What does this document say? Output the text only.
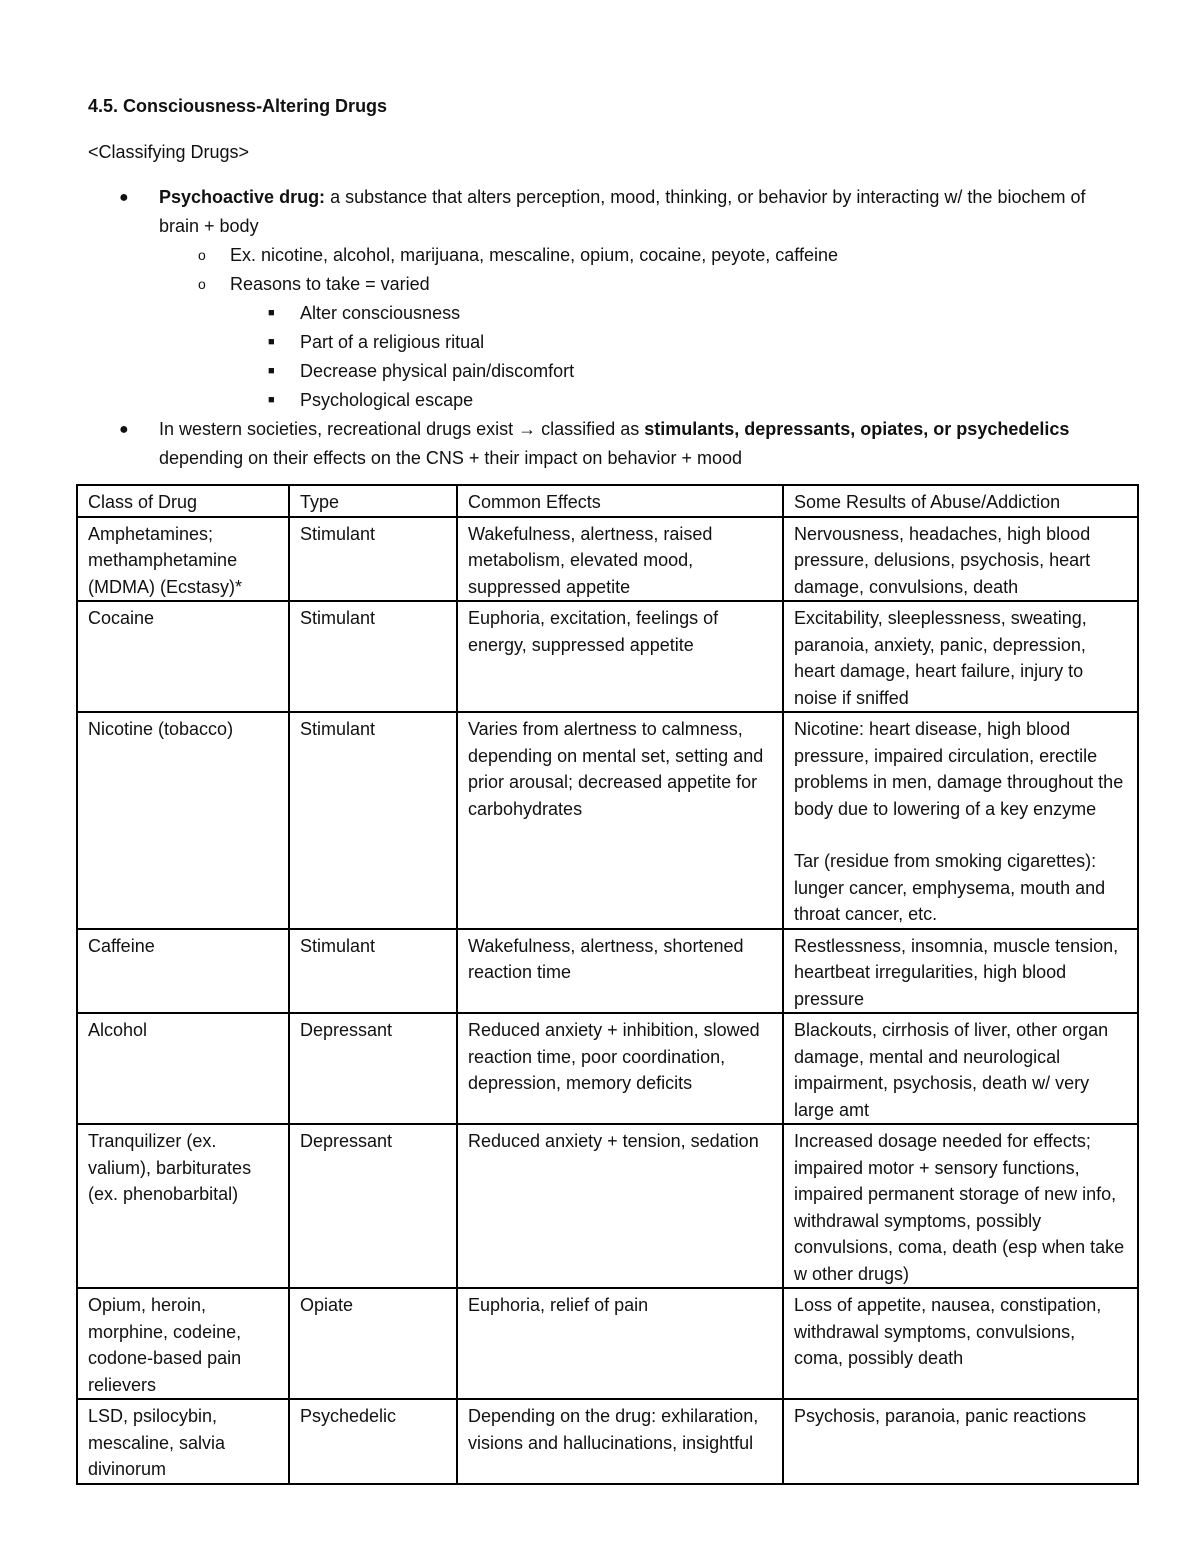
4.5. Consciousness-Altering Drugs
<Classifying Drugs>
● Psychoactive drug: a substance that alters perception, mood, thinking, or behavior by interacting w/ the biochem of brain + body
o Ex. nicotine, alcohol, marijuana, mescaline, opium, cocaine, peyote, caffeine
o Reasons to take = varied
■ Alter consciousness
■ Part of a religious ritual
■ Decrease physical pain/discomfort
■ Psychological escape
● In western societies, recreational drugs exist → classified as stimulants, depressants, opiates, or psychedelics depending on their effects on the CNS + their impact on behavior + mood
Class of Drug	Type	Common Effects	Some Results of Abuse/Addiction
Amphetamines; methamphetamine (MDMA) (Ecstasy)*	Stimulant	Wakefulness, alertness, raised metabolism, elevated mood, suppressed appetite	Nervousness, headaches, high blood pressure, delusions, psychosis, heart damage, convulsions, death
Cocaine	Stimulant	Euphoria, excitation, feelings of energy, suppressed appetite	Excitability, sleeplessness, sweating, paranoia, anxiety, panic, depression, heart damage, heart failure, injury to noise if sniffed
Nicotine (tobacco)	Stimulant	Varies from alertness to calmness, depending on mental set, setting and prior arousal; decreased appetite for carbohydrates	Nicotine: heart disease, high blood pressure, impaired circulation, erectile problems in men, damage throughout the body due to lowering of a key enzyme
Tar (residue from smoking cigarettes): lunger cancer, emphysema, mouth and throat cancer, etc.

Caffeine	Stimulant	Wakefulness, alertness, shortened reaction time	Restlessness, insomnia, muscle tension, heartbeat irregularities, high blood pressure
Alcohol	Depressant	Reduced anxiety + inhibition, slowed reaction time, poor coordination, depression, memory deficits	Blackouts, cirrhosis of liver, other organ damage, mental and neurological impairment, psychosis, death w/ very large amt
Tranquilizer (ex. valium), barbiturates (ex. phenobarbital)	Depressant	Reduced anxiety + tension, sedation	Increased dosage needed for effects; impaired motor + sensory functions, impaired permanent storage of new info, withdrawal symptoms, possibly convulsions, coma, death (esp when take w other drugs)
Opium, heroin, morphine, codeine, codone-based pain relievers	Opiate	Euphoria, relief of pain	Loss of appetite, nausea, constipation, withdrawal symptoms, convulsions, coma, possibly death
LSD, psilocybin, mescaline, salvia divinorum	Psychedelic	Depending on the drug: exhilaration, visions and hallucinations, insightful	Psychosis, paranoia, panic reactions
